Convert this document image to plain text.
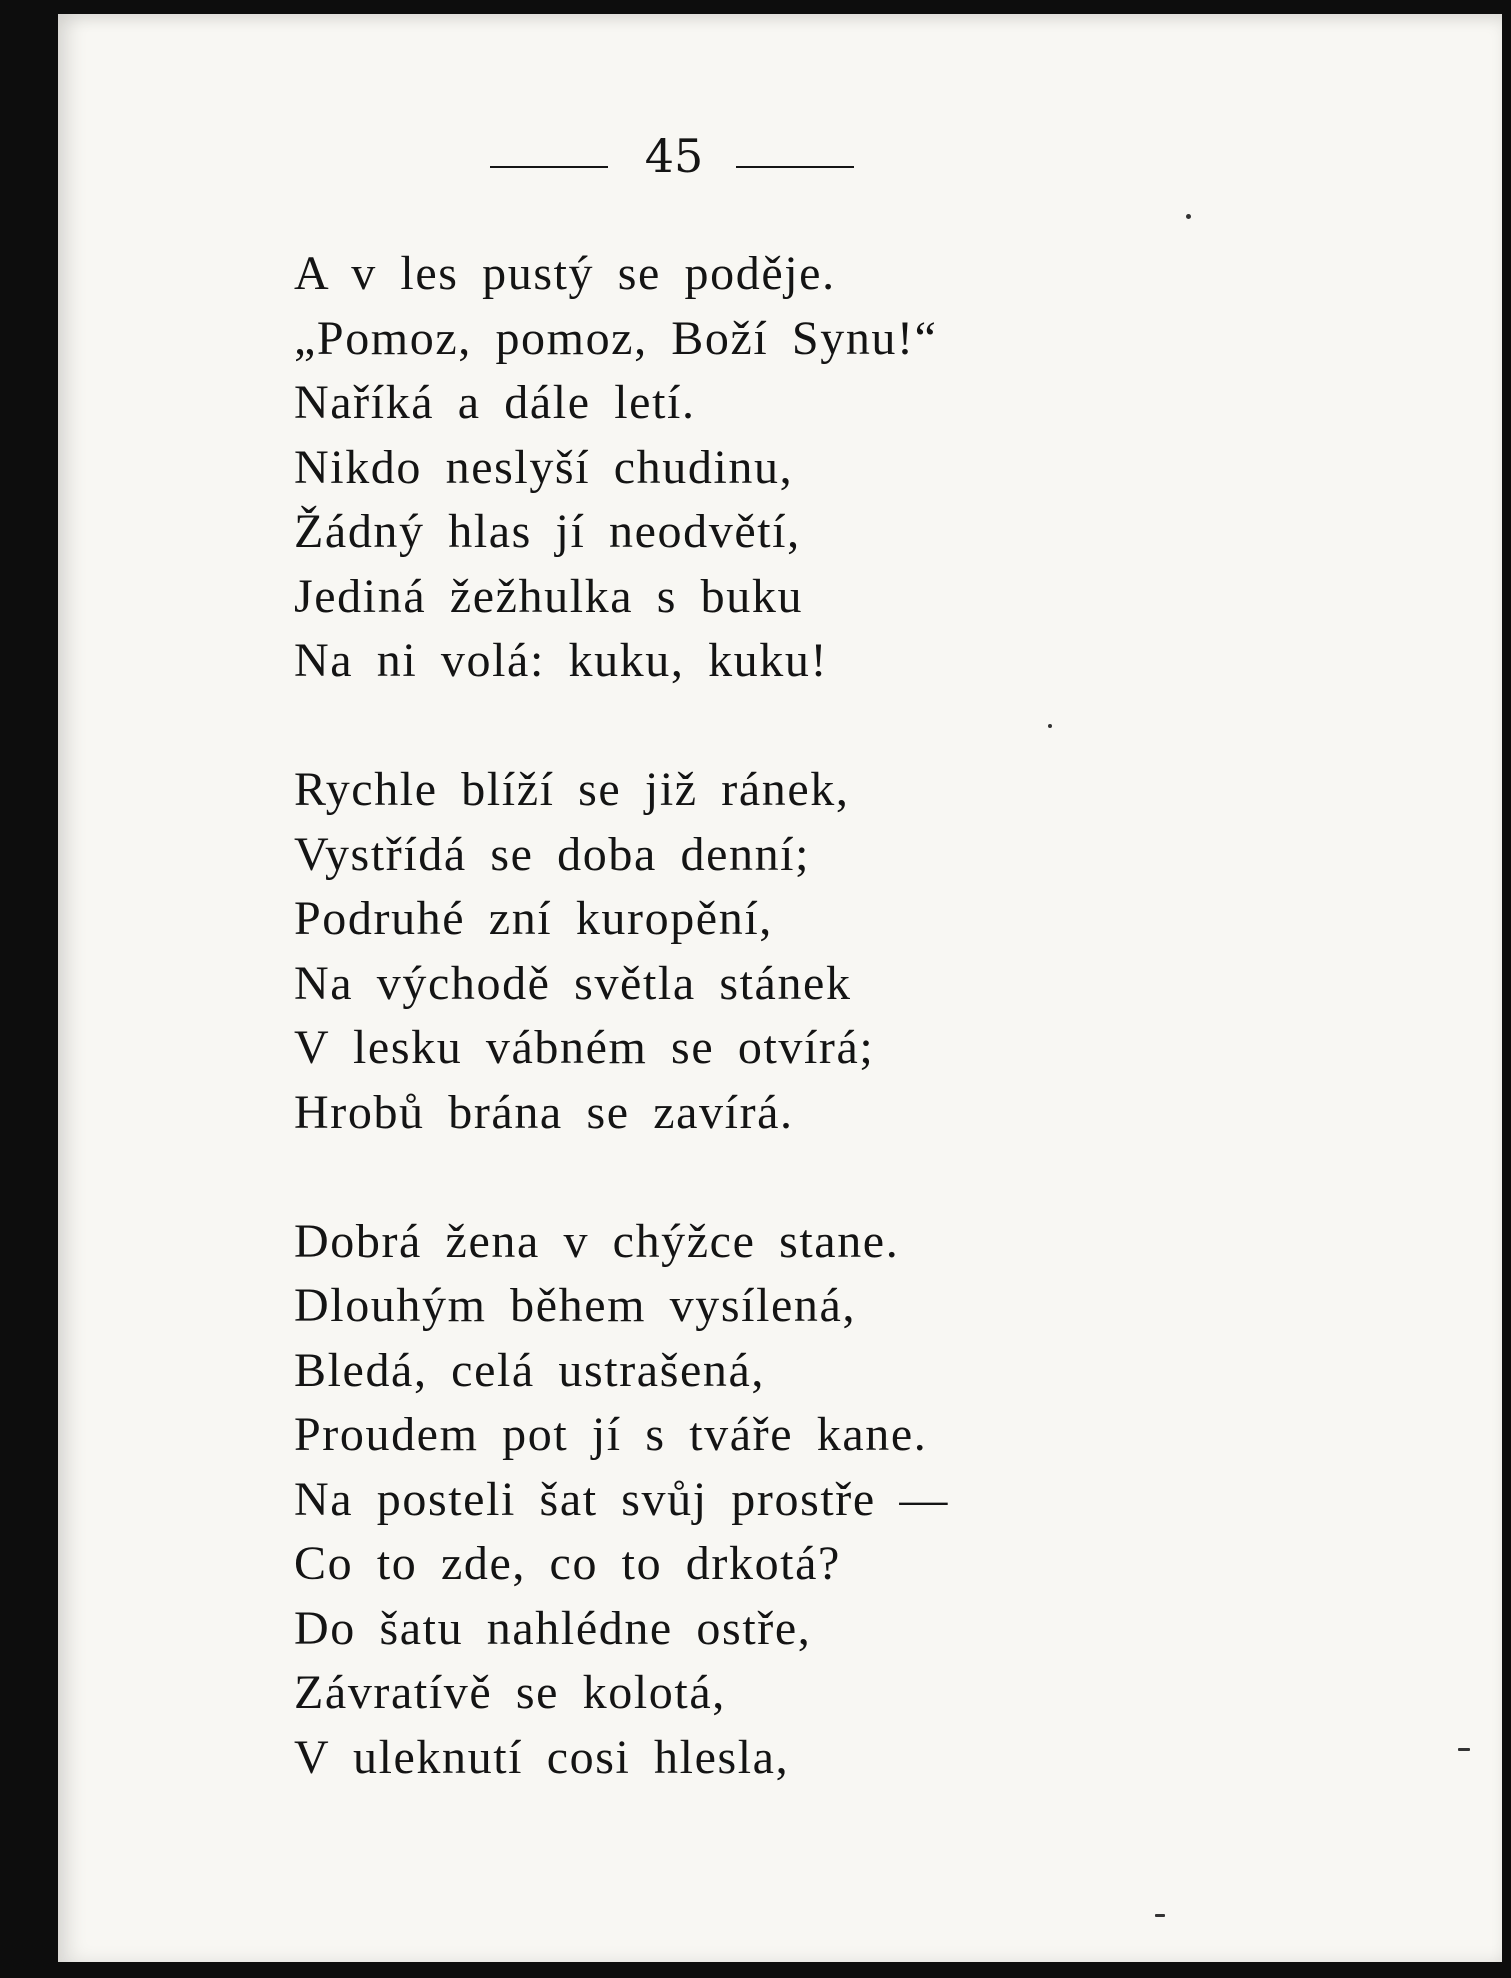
45
A v les pustý se poděje.
„Pomoz, pomoz, Boží Synu!“
Naříká a dále letí.
Nikdo neslyší chudinu,
Žádný hlas jí neodvětí,
Jediná žežhulka s buku
Na ni volá: kuku, kuku!
Rychle blíží se již ránek,
Vystřídá se doba denní;
Podruhé zní kuropění,
Na východě světla stánek
V lesku vábném se otvírá;
Hrobů brána se zavírá.
Dobrá žena v chýžce stane.
Dlouhým během vysílená,
Bledá, celá ustrašená,
Proudem pot jí s tváře kane.
Na posteli šat svůj prostře —
Co to zde, co to drkotá?
Do šatu nahlédne ostře,
Závratívě se kolotá,
V uleknutí cosi hlesla,
